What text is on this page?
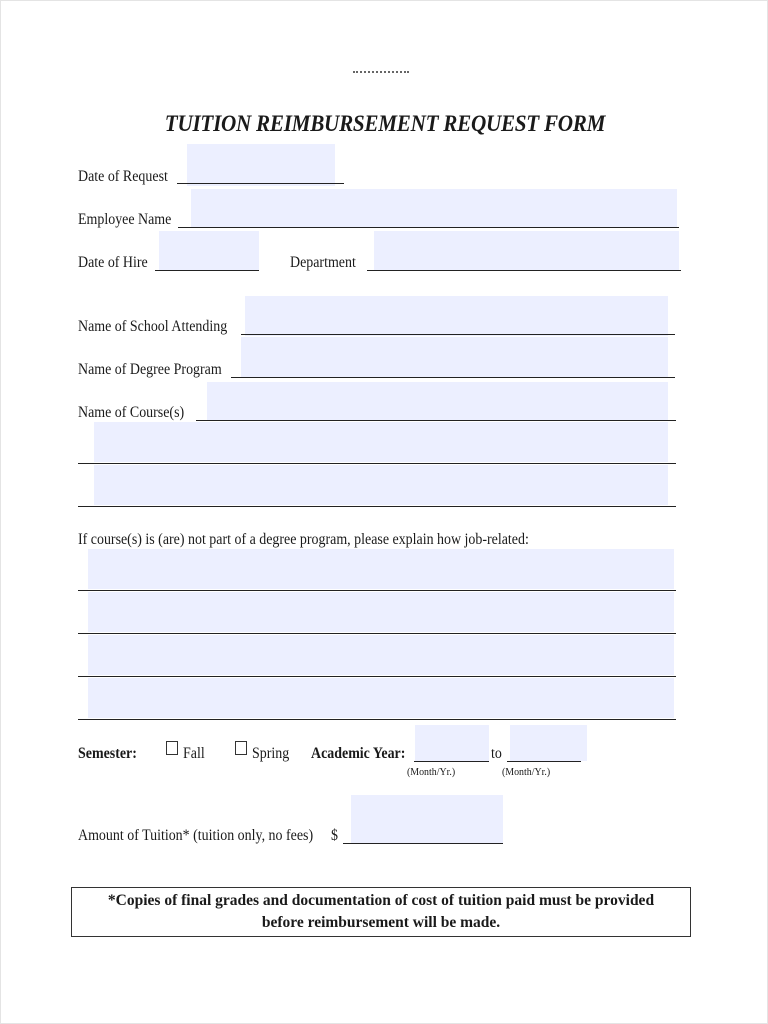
TUITION REIMBURSEMENT REQUEST FORM
Date of Request
Employee Name
Date of Hire	Department
Name of School Attending
Name of Degree Program
Name of Course(s)
If course(s) is (are) not part of a degree program, please explain how job-related:
Semester:	Fall	Spring Academic Year:
(Month/Yr.)
to
(Month/Yr.)
Amount of Tuition* (tuition only, no fees) $
*Copies of final grades and documentation of cost of tuition paid must be provided
before reimbursement will be made.
